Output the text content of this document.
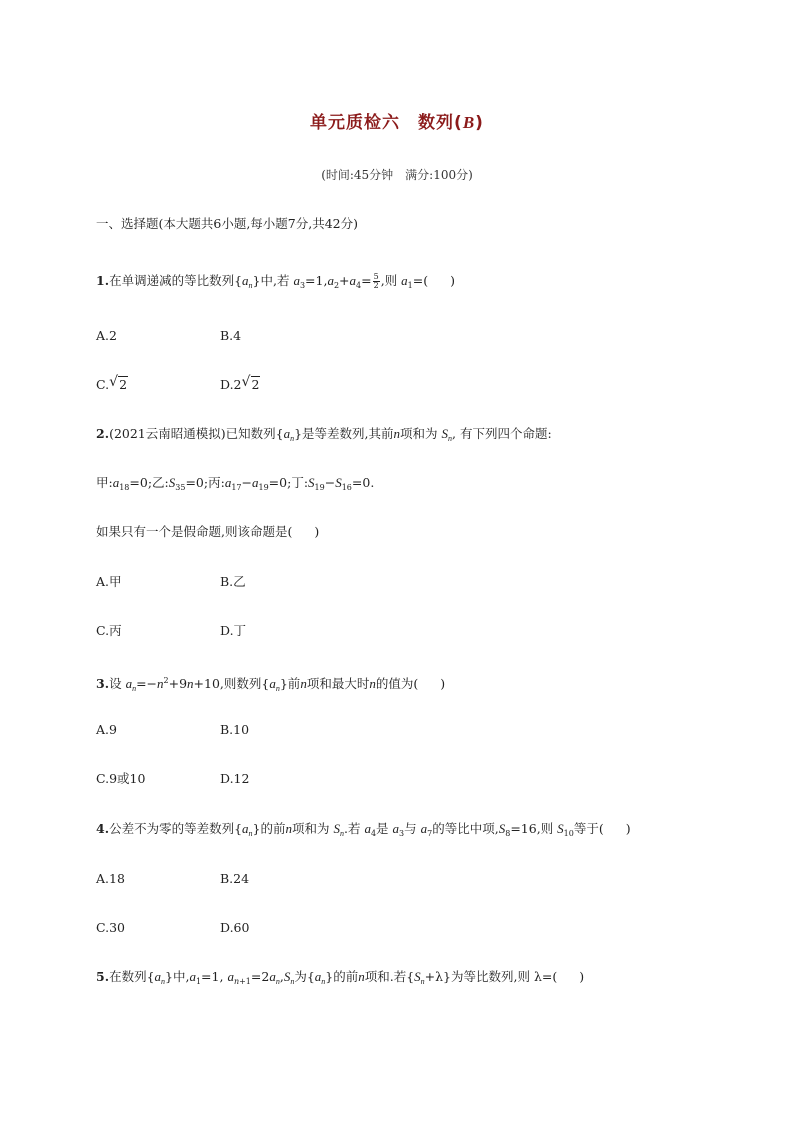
单元质检六　数列(B)
(时间:45分钟　满分:100分)
一、选择题(本大题共6小题,每小题7分,共42分)
1.在单调递减的等比数列$\{a_n\}$中,若 $a_3=1,a_2+a_4= \frac{5}{2}$ ,则 $a_1=$( )
A.2	B.4
C. √ 2	D.2 √ 2
2.(2021云南昭通模拟)已知数列$\{a_n\}$是等差数列,其前n项和为 $S_n$, 有下列四个命题:
甲$:a_{18}=0$;乙$:S_{35}=0$;丙$:a_{17}-a_{19}=0$;丁$:S_{19}-S_{16}=0$.
如果只有一个是假命题,则该命题是( )
A.甲	B.乙
C.丙	D.丁
3.设 $a_n=-n^2+9n+10$,则数列$\{a_n\}$前n项和最大时n的值为( )
A.9	B.10
C.9或10	D.12
4.公差不为零的等差数列$\{a_n\}$的前n项和为 $S_n$.若 $a_4$是 $a_3$与 $a_7$的等比中项$,S_8=16$,则 $S_{10}$等于( )
A.18	B.24
C.30	D.60
5.在数列$\{a_n\}$中$,a_1=1$, $a_{n+1}=2a_n,S_n$为$\{a_n\}$的前n项和.若$\{S_n+\lambda\}$为等比数列,则 λ=( )
